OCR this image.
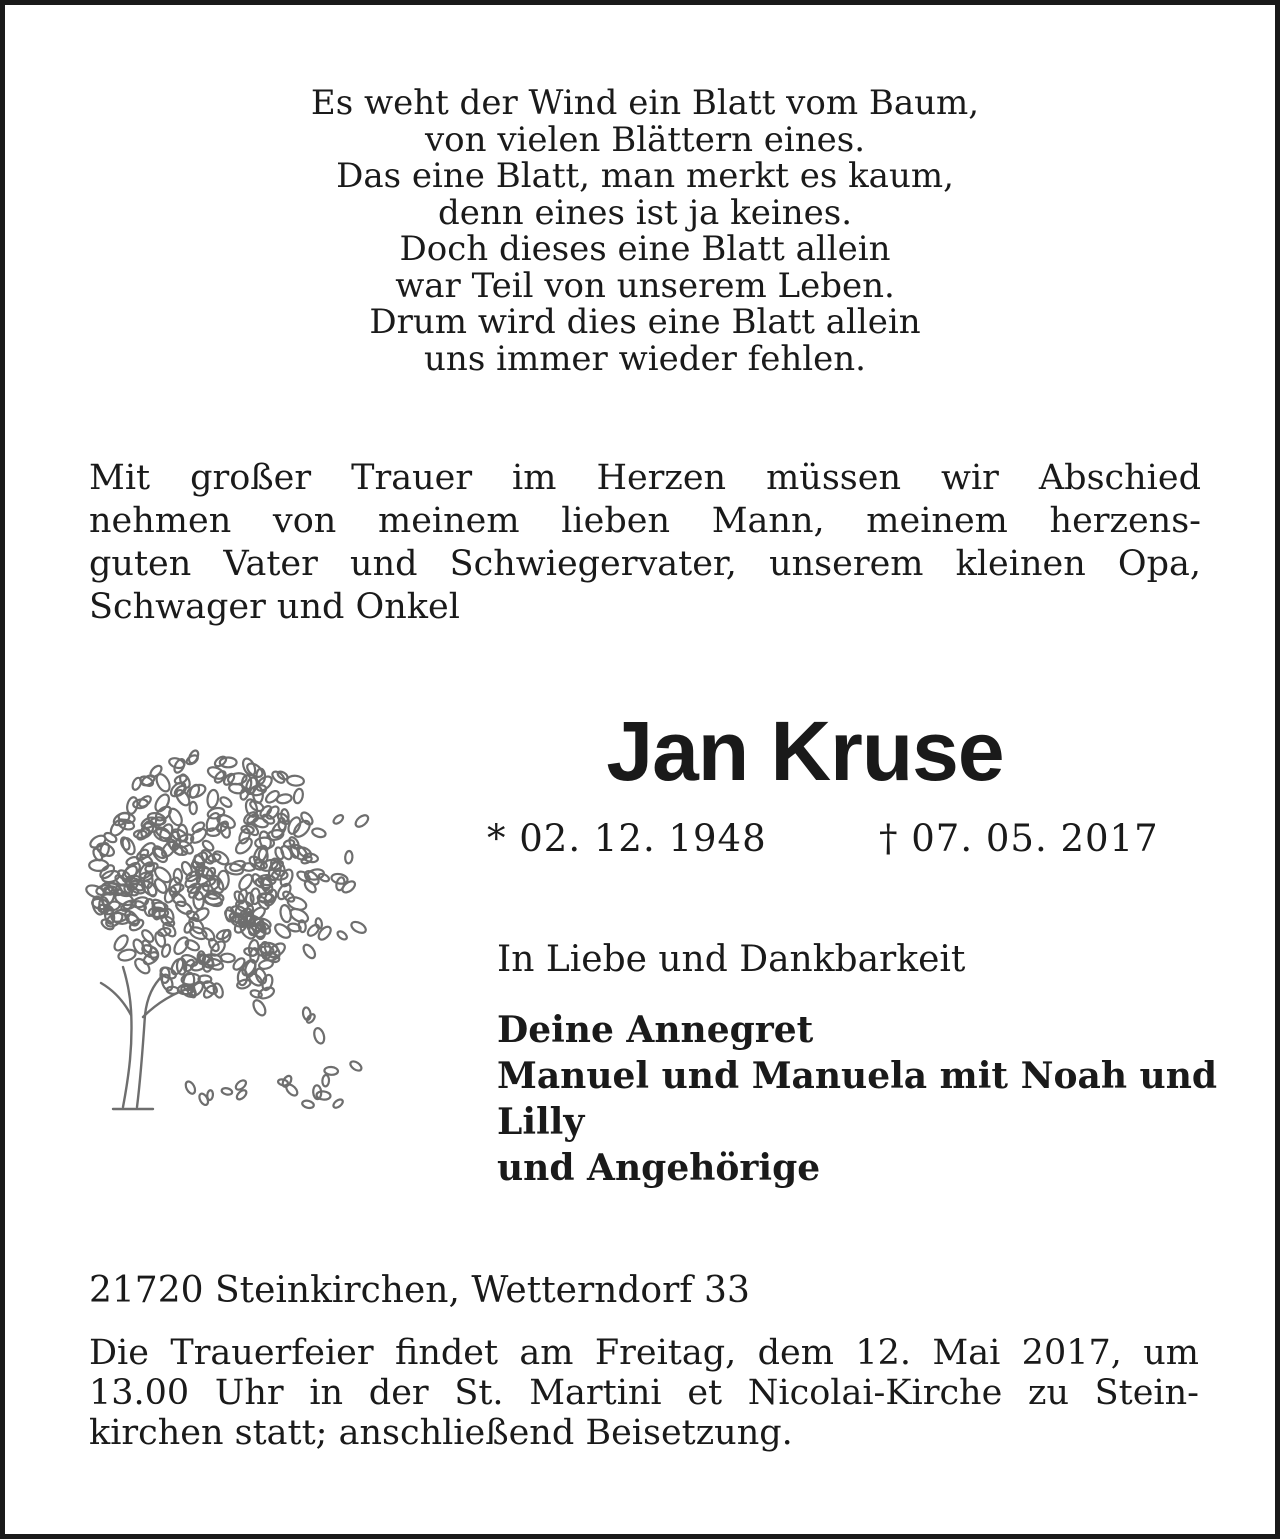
Es weht der Wind ein Blatt vom Baum,
von vielen Blättern eines.
Das eine Blatt, man merkt es kaum,
denn eines ist ja keines.
Doch dieses eine Blatt allein
war Teil von unserem Leben.
Drum wird dies eine Blatt allein
uns immer wieder fehlen.
Mit großer Trauer im Herzen müssen wir Abschied
nehmen von meinem lieben Mann, meinem herzens-
guten Vater und Schwiegervater, unserem kleinen Opa,
Schwager und Onkel
Jan Kruse
* 02. 12. 1948	† 07. 05. 2017
In Liebe und Dankbarkeit
Deine Annegret
Manuel und Manuela mit Noah und
Lilly
und Angehörige
21720 Steinkirchen, Wetterndorf 33
Die Trauerfeier findet am Freitag, dem 12. Mai 2017, um
13.00 Uhr in der St. Martini et Nicolai-Kirche zu Stein-
kirchen statt; anschließend Beisetzung.
